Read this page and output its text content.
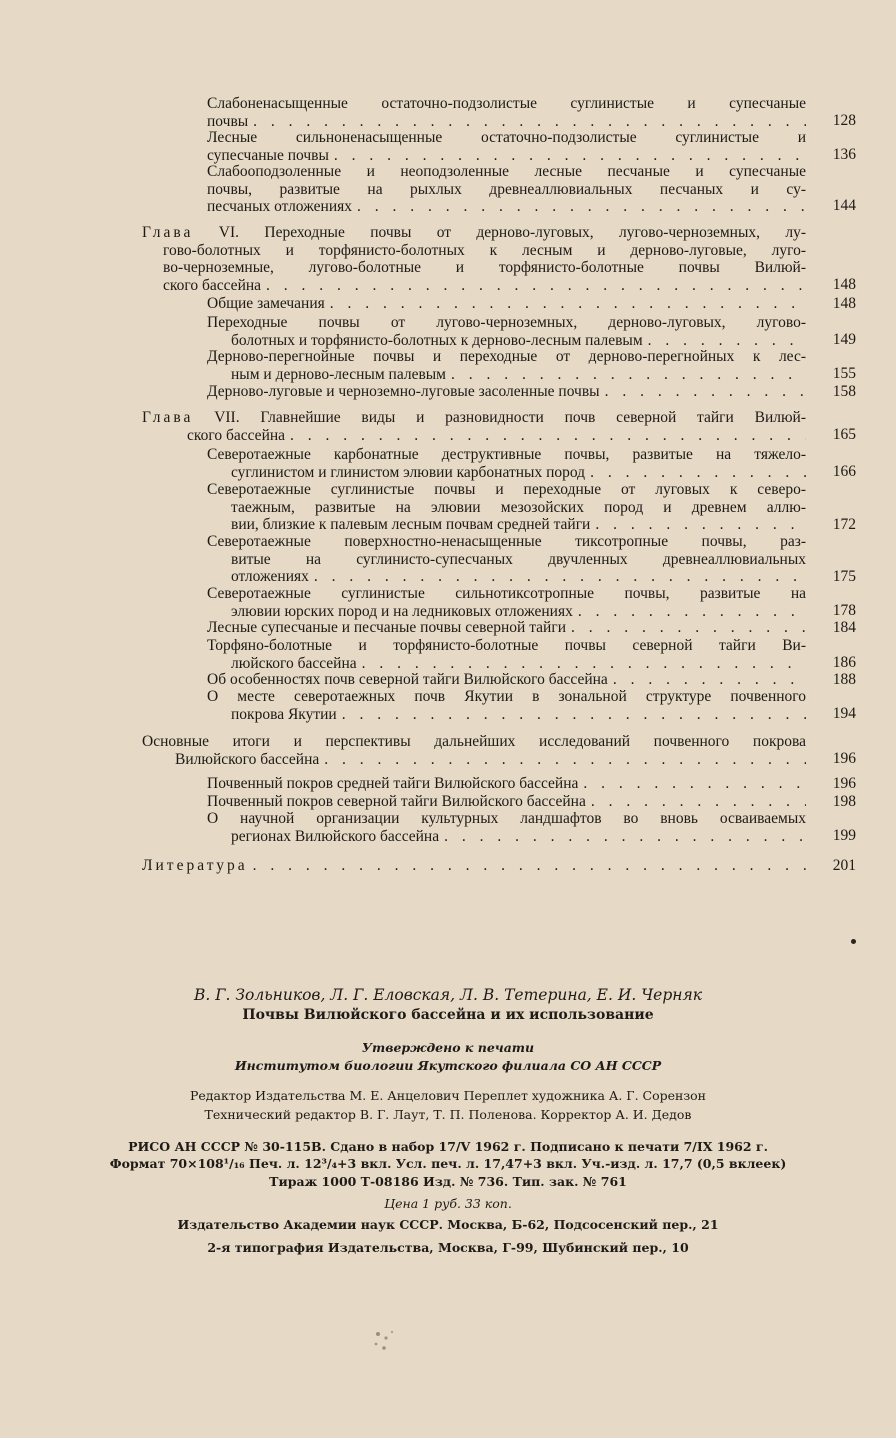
Слабоненасыщенные остаточно-подзолистые суглинистые и супесчаные
почвы . . .	128
Лесные сильноненасыщенные остаточно-подзолистые суглинистые и
супесчаные почвы . . .	136
Слабооподзоленные и неоподзоленные лесные песчаные и супесчаные
почвы, развитые на рыхлых древнеаллювиальных песчаных и су-
песчаных отложениях . . .	144
Глава VI. Переходные почвы от дерново-луговых, лугово-черноземных, лу-
гово-болотных и торфянисто-болотных к лесным и дерново-луговые, луго-
во-черноземные, лугово-болотные и торфянисто-болотные почвы Вилюй-
ского бассейна . . .	148
Общие замечания . . .	148
Переходные почвы от лугово-черноземных, дерново-луговых, лугово-
болотных и торфянисто-болотных к дерново-лесным палевым . . .	149
Дерново-перегнойные почвы и переходные от дерново-перегнойных к лес-
ным и дерново-лесным палевым . . .	155
Дерново-луговые и черноземно-луговые засоленные почвы . . .	158
Глава VII. Главнейшие виды и разновидности почв северной тайги Вилюй-
ского бассейна . . .	165
Северотаежные карбонатные деструктивные почвы, развитые на тяжело-
суглинистом и глинистом элювии карбонатных пород . . .	166
Северотаежные суглинистые почвы и переходные от луговых к северо-
таежным, развитые на элювии мезозойских пород и древнем аллю-
вии, близкие к палевым лесным почвам средней тайги . . .	172
Северотаежные поверхностно-ненасыщенные тиксотропные почвы, раз-
витые на суглинисто-супесчаных двучленных древнеаллювиальных
отложениях . . .	175
Северотаежные суглинистые сильнотиксотропные почвы, развитые на
элювии юрских пород и на ледниковых отложениях . . .	178
Лесные супесчаные и песчаные почвы северной тайги . . .	184
Торфяно-болотные и торфянисто-болотные почвы северной тайги Ви-
люйского бассейна . . .	186
Об особенностях почв северной тайги Вилюйского бассейна . . .	188
О месте северотаежных почв Якутии в зональной структуре почвенного
покрова Якутии . . .	194
Основные итоги и перспективы дальнейших исследований почвенного покрова
Вилюйского бассейна . . .	196
Почвенный покров средней тайги Вилюйского бассейна . . .	196
Почвенный покров северной тайги Вилюйского бассейна . . .	198
О научной организации культурных ландшафтов во вновь осваиваемых
регионах Вилюйского бассейна . . .	199
Литература . . .	201
В. Г. Зольников, Л. Г. Еловская, Л. В. Тетерина, Е. И. Черняк
Почвы Вилюйского бассейна и их использование
Утверждено к печати
Институтом биологии Якутского филиала СО АН СССР
Редактор Издательства М. Е. Анцелович Переплет художника А. Г. Сорензон
Технический редактор В. Г. Лаут, Т. П. Поленова. Корректор А. И. Дедов
РИСО АН СССР № 30-115В. Сдано в набор 17/V 1962 г. Подписано к печати 7/IX 1962 г.
Формат 70×108¹/₁₆ Печ. л. 12³/₄+3 вкл. Усл. печ. л. 17,47+3 вкл. Уч.-изд. л. 17,7 (0,5 вклеек)
Тираж 1000 Т-08186 Изд. № 736. Тип. зак. № 761
Цена 1 руб. 33 коп.
Издательство Академии наук СССР. Москва, Б-62, Подсосенский пер., 21
2-я типография Издательства, Москва, Г-99, Шубинский пер., 10
